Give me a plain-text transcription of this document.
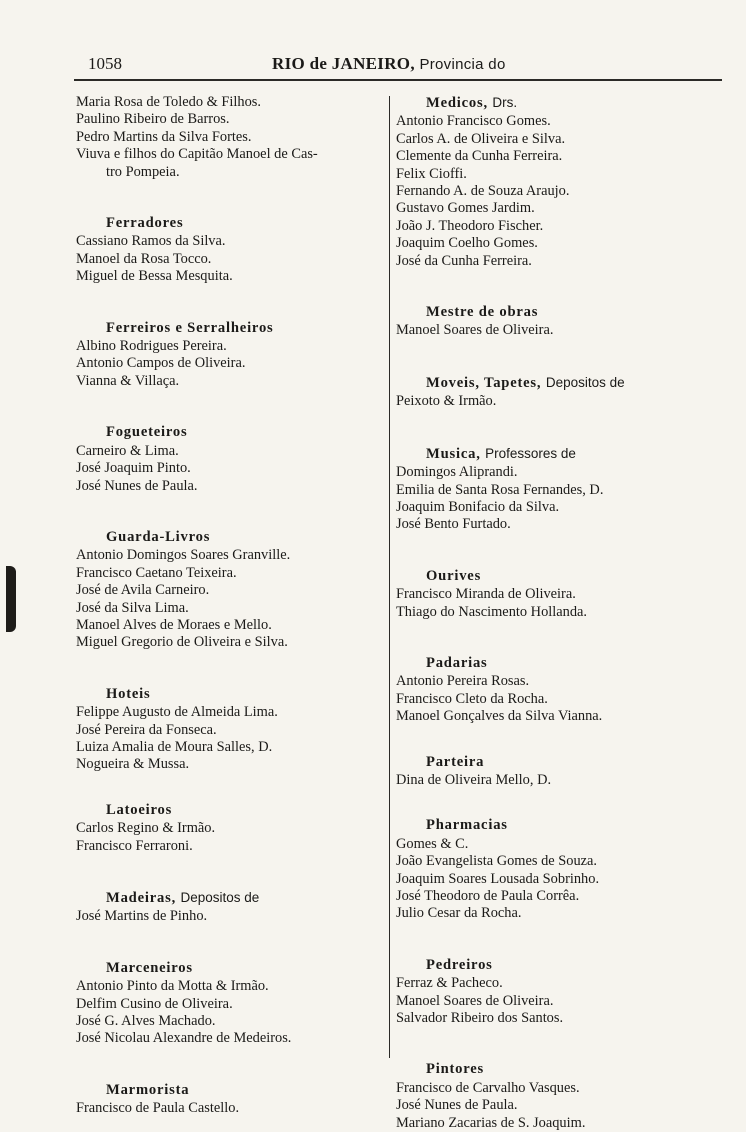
1058	RIO de JANEIRO, Provincia do
Maria Rosa de Toledo & Filhos.
Paulino Ribeiro de Barros.
Pedro Martins da Silva Fortes.
Viuva e filhos do Capitão Manoel de Cas-
tro Pompeia.
Ferradores
Cassiano Ramos da Silva.
Manoel da Rosa Tocco.
Miguel de Bessa Mesquita.
Ferreiros e Serralheiros
Albino Rodrigues Pereira.
Antonio Campos de Oliveira.
Vianna & Villaça.
Fogueteiros
Carneiro & Lima.
José Joaquim Pinto.
José Nunes de Paula.
Guarda-Livros
Antonio Domingos Soares Granville.
Francisco Caetano Teixeira.
José de Avila Carneiro.
José da Silva Lima.
Manoel Alves de Moraes e Mello.
Miguel Gregorio de Oliveira e Silva.
Hoteis
Felippe Augusto de Almeida Lima.
José Pereira da Fonseca.
Luiza Amalia de Moura Salles, D.
Nogueira & Mussa.
Latoeiros
Carlos Regino & Irmão.
Francisco Ferraroni.
Madeiras, Depositos de
José Martins de Pinho.
Marceneiros
Antonio Pinto da Motta & Irmão.
Delfim Cusino de Oliveira.
José G. Alves Machado.
José Nicolau Alexandre de Medeiros.
Marmorista
Francisco de Paula Castello.
Medicos, Drs.
Antonio Francisco Gomes.
Carlos A. de Oliveira e Silva.
Clemente da Cunha Ferreira.
Felix Cioffi.
Fernando A. de Souza Araujo.
Gustavo Gomes Jardim.
João J. Theodoro Fischer.
Joaquim Coelho Gomes.
José da Cunha Ferreira.
Mestre de obras
Manoel Soares de Oliveira.
Moveis, Tapetes, Depositos de
Peixoto & Irmão.
Musica, Professores de
Domingos Aliprandi.
Emilia de Santa Rosa Fernandes, D.
Joaquim Bonifacio da Silva.
José Bento Furtado.
Ourives
Francisco Miranda de Oliveira.
Thiago do Nascimento Hollanda.
Padarias
Antonio Pereira Rosas.
Francisco Cleto da Rocha.
Manoel Gonçalves da Silva Vianna.
Parteira
Dina de Oliveira Mello, D.
Pharmacias
Gomes & C.
João Evangelista Gomes de Souza.
Joaquim Soares Lousada Sobrinho.
José Theodoro de Paula Corrêa.
Julio Cesar da Rocha.
Pedreiros
Ferraz & Pacheco.
Manoel Soares de Oliveira.
Salvador Ribeiro dos Santos.
Pintores
Francisco de Carvalho Vasques.
José Nunes de Paula.
Mariano Zacarias de S. Joaquim.
